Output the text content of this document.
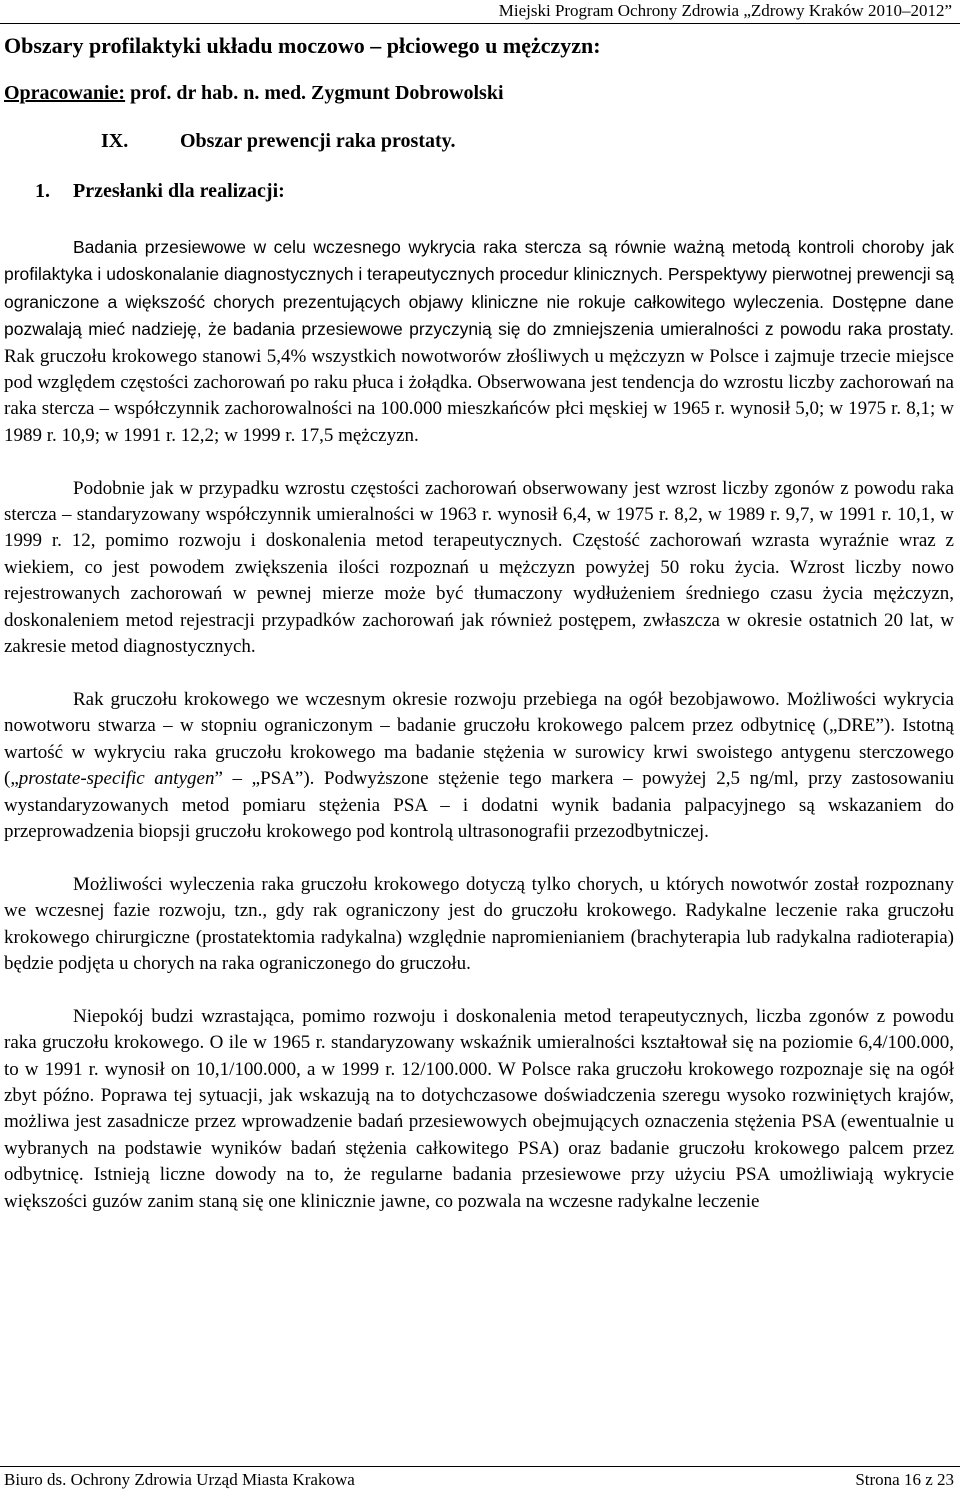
Miejski Program Ochrony Zdrowia „Zdrowy Kraków 2010–2012”
Obszary profilaktyki układu moczowo – płciowego u mężczyzn:
Opracowanie: prof. dr hab. n. med. Zygmunt Dobrowolski
IX.	Obszar prewencji raka prostaty.
1. Przesłanki dla realizacji:

Badania przesiewowe w celu wczesnego wykrycia raka stercza są równie ważną metodą kontroli choroby jak profilaktyka i udoskonalanie diagnostycznych i terapeutycznych procedur klinicznych. Perspektywy pierwotnej prewencji są ograniczone a większość chorych prezentujących objawy kliniczne nie rokuje całkowitego wyleczenia. Dostępne dane pozwalają mieć nadzieję, że badania przesiewowe przyczynią się do zmniejszenia umieralności z powodu raka prostaty. Rak gruczołu krokowego stanowi 5,4% wszystkich nowotworów złośliwych u mężczyzn w Polsce i zajmuje trzecie miejsce pod względem częstości zachorowań po raku płuca i żołądka. Obserwowana jest tendencja do wzrostu liczby zachorowań na raka stercza – współczynnik zachorowalności na 100.000 mieszkańców płci męskiej w 1965 r. wynosił 5,0; w 1975 r. 8,1; w 1989 r. 10,9; w 1991 r. 12,2; w 1999 r. 17,5 mężczyzn.

Podobnie jak w przypadku wzrostu częstości zachorowań obserwowany jest wzrost liczby zgonów z powodu raka stercza – standaryzowany współczynnik umieralności w 1963 r. wynosił 6,4, w 1975 r. 8,2, w 1989 r. 9,7, w 1991 r. 10,1, w 1999 r. 12, pomimo rozwoju i doskonalenia metod terapeutycznych. Częstość zachorowań wzrasta wyraźnie wraz z wiekiem, co jest powodem zwiększenia ilości rozpoznań u mężczyzn powyżej 50 roku życia. Wzrost liczby nowo rejestrowanych zachorowań w pewnej mierze może być tłumaczony wydłużeniem średniego czasu życia mężczyzn, doskonaleniem metod rejestracji przypadków zachorowań jak również postępem, zwłaszcza w okresie ostatnich 20 lat, w zakresie metod diagnostycznych.

Rak gruczołu krokowego we wczesnym okresie rozwoju przebiega na ogół bezobjawowo. Możliwości wykrycia nowotworu stwarza – w stopniu ograniczonym – badanie gruczołu krokowego palcem przez odbytnicę („DRE”). Istotną wartość w wykryciu raka gruczołu krokowego ma badanie stężenia w surowicy krwi swoistego antygenu sterczowego („prostate-specific antygen” – „PSA”). Podwyższone stężenie tego markera – powyżej 2,5 ng/ml, przy zastosowaniu wystandaryzowanych metod pomiaru stężenia PSA – i dodatni wynik badania palpacyjnego są wskazaniem do przeprowadzenia biopsji gruczołu krokowego pod kontrolą ultrasonografii przezodbytniczej.

Możliwości wyleczenia raka gruczołu krokowego dotyczą tylko chorych, u których nowotwór został rozpoznany we wczesnej fazie rozwoju, tzn., gdy rak ograniczony jest do gruczołu krokowego. Radykalne leczenie raka gruczołu krokowego chirurgiczne (prostatektomia radykalna) względnie napromienianiem (brachyterapia lub radykalna radioterapia) będzie podjęta u chorych na raka ograniczonego do gruczołu.

Niepokój budzi wzrastająca, pomimo rozwoju i doskonalenia metod terapeutycznych, liczba zgonów z powodu raka gruczołu krokowego. O ile w 1965 r. standaryzowany wskaźnik umieralności kształtował się na poziomie 6,4/100.000, to w 1991 r. wynosił on 10,1/100.000, a w 1999 r. 12/100.000. W Polsce raka gruczołu krokowego rozpoznaje się na ogół zbyt późno. Poprawa tej sytuacji, jak wskazują na to dotychczasowe doświadczenia szeregu wysoko rozwiniętych krajów, możliwa jest zasadnicze przez wprowadzenie badań przesiewowych obejmujących oznaczenia stężenia PSA (ewentualnie u wybranych na podstawie wyników badań stężenia całkowitego PSA) oraz badanie gruczołu krokowego palcem przez odbytnicę. Istnieją liczne dowody na to, że regularne badania przesiewowe przy użyciu PSA umożliwiają wykrycie większości guzów zanim staną się one klinicznie jawne, co pozwala na wczesne radykalne leczenie

Biuro ds. Ochrony Zdrowia Urząd Miasta Krakowa	Strona 16 z 23
